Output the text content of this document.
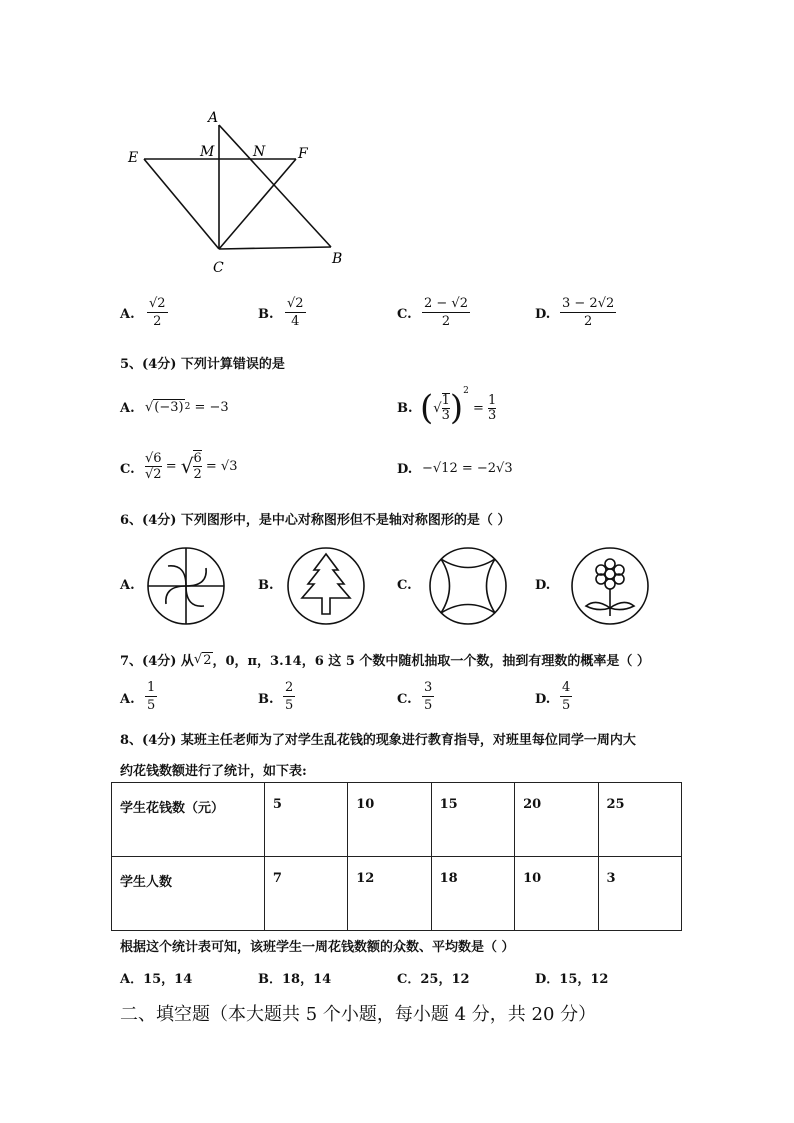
A
E	M	N F
C
B
A.
√2
2	B.
√2
4	C.
2 − √2
2	D.
3 − 2√2
2
5、(4分) 下列计算错误的是
A. √ (−3) 2
= −3	B. ( √ 1
3 )$^2$
=
1
3
C.
√6
√2
= √ $\frac{6}{2}$
= √3	D. −√12 = −2√3
6、(4分) 下列图形中，是中心对称图形但不是轴对称图形的是（ ）
A.	B.	C.	D.
7、(4分) 从 √ 2 ，0，π，3.14，6 这 5 个数中随机抽取一个数，抽到有理数的概率是（ ）
A.
1
5	B.
2
5	C.
3
5	D.
4
5
8、(4分) 某班主任老师为了对学生乱花钱的现象进行教育指导，对班里每位同学一周内大
约花钱数额进行了统计，如下表:
学生花钱数（元）	5	10	15	20	25
学生人数	7	12	18	10	3
根据这个统计表可知，该班学生一周花钱数额的众数、平均数是（ ）
A．15，14	B．18，14	C．25，12	D．15，12
二、填空题（本大题共 5 个小题，每小题 4 分，共 20 分）
